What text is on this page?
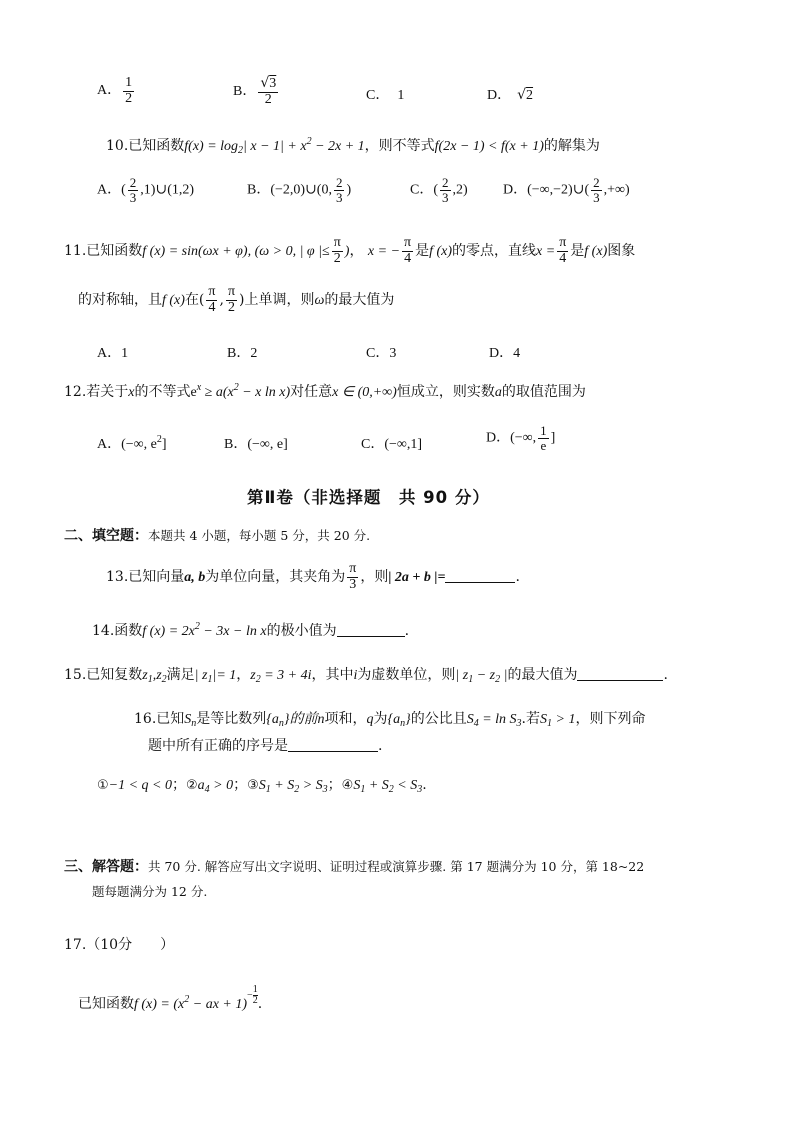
A． $\frac{1}{2}$	B． $\frac{√3}{2}$	C． 1	D． √2
10.已知函数$f(x) = \log_2|$ $x - 1| + x^2 - 2x + 1$，则不等式f(2x − 1) < f(x + 1)的解集为
A．( $\frac{2}{3}$ ,1)∪(1,2)	B．(−2,0)∪(0, $\frac{2}{3}$ )	C．( $\frac{2}{3} ,2$)	D．(−∞,−2)∪( $\frac{2}{3}$ ,+∞)
11.已知函数f (x) = sin(ωx + φ), (ω > 0, | φ |≤ $\frac{\pi}{2}$ )， x = − $\frac{\pi}{4}$ 是f (x)的零点，直线$x = \frac{\pi}{4}$ 是f (x)图象
的对称轴，且f (x)在( $\frac{\pi}{4}$ , $\frac{\pi}{2}$ )上单调，则ω的最大值为
A．1	B．2	C．3	D．4
12.若关于x的不等式$e^x \ge a(x^2 - x$ ln x)对任意x ∈ (0,+∞)恒成立，则实数a的取值范围为
A．(−∞, $e^2$]	B．(−∞, e]	C．(−∞,1]	D．(−∞, $\frac{1}{e}$ ]
第Ⅱ卷（非选择题　共 90 分）
二、填空题：本题共 4 小题，每小题 5 分，共 20 分.
13.已知向量a, b为单位向量，其夹角为 $\frac{\pi}{3}$ ，则| 2a + b |=	.
14.函数f $(x) = 2x^2 - 3x - \ln x$的极小值为	.
15.已知复数$z_1,z_2$满足| $z_1|= 1$，$z_2 = 3 + 4i$，其中i为虚数单位，则| $z_1 - z_2$ |的最大值为	.
16.已知$S_n$是等比数列$\{a_n\}$的前n项和，q为$\{a_n\}$的公比且$S_4 = \ln S_3$.若$S_1 > 1$，则下列命
题中所有正确的序号是	.
①−1 < q < 0；$②a_4 > 0$；$③S_1 + S_2 > S_3$；$④S_1 + S_2 < S_3$.
三、解答题：共 70 分. 解答应写出文字说明、证明过程或演算步骤. 第 17 题满分为 10 分，第 18~22
题每题满分为 12 分.
17.（10分　　）
已知函数f $(x) = (x^2$ − ax + $1)- \frac{1}{2}$ .
